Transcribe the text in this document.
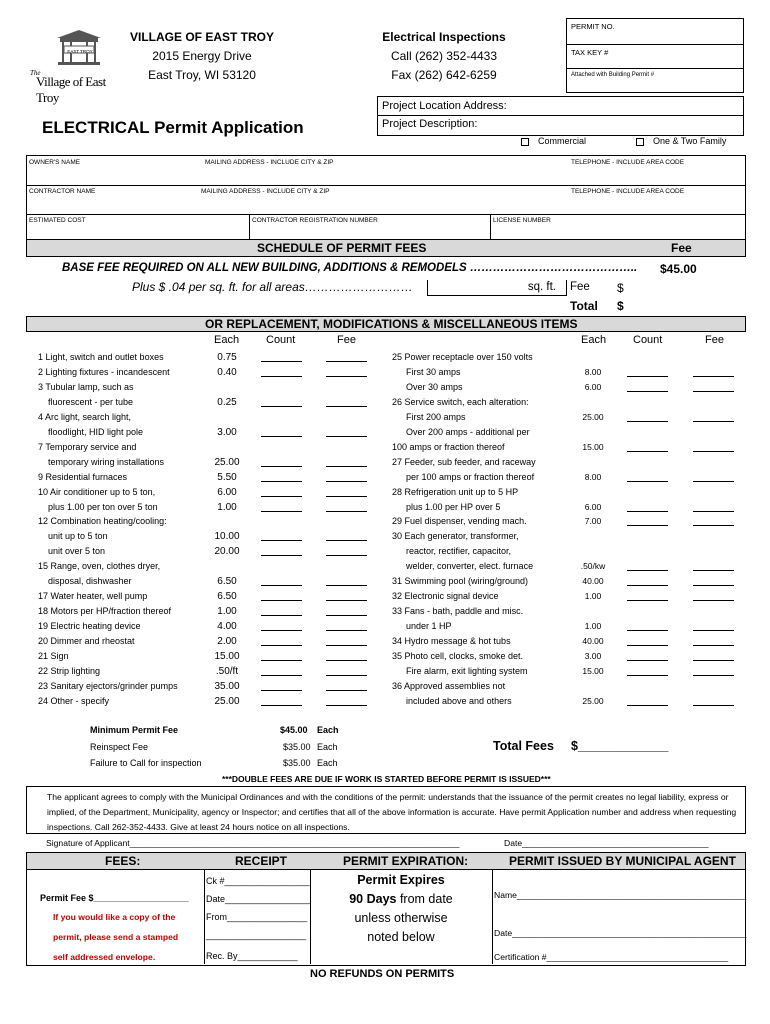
EAST TROY
The
Village of East Troy
VILLAGE OF EAST TROY
2015 Energy Drive
East Troy, WI 53120
Electrical Inspections
Call (262) 352-4433
Fax (262) 642-6259
PERMIT NO.
TAX KEY #
Attached with Building Permit #
ELECTRICAL Permit Application
Project Location Address:
Project Description:
Commercial	One & Two Family
OWNER'S NAME	MAILING ADDRESS - INCLUDE CITY & ZIP	TELEPHONE - INCLUDE AREA CODE
CONTRACTOR NAME	MAILING ADDRESS - INCLUDE CITY & ZIP	TELEPHONE - INCLUDE AREA CODE
ESTIMATED COST	CONTRACTOR REGISTRATION NUMBER	LICENSE NUMBER
SCHEDULE OF PERMIT FEES	Fee
BASE FEE REQUIRED ON ALL NEW BUILDING, ADDITIONS & REMODELS …………………………………….. $45.00
Plus $ .04 per sq. ft. for all areas………………………	sq. ft. Fee $
Total $
OR REPLACEMENT, MODIFICATIONS & MISCELLANEOUS ITEMS
Each Count	Fee	Each Count	Fee
1 Light, switch and outlet boxes	0.75
2 Lighting fixtures - incandescent	0.40
3 Tubular lamp, such as
fluorescent - per tube	0.25
4 Arc light, search light,
floodlight, HID light pole	3.00
7 Temporary service and
temporary wiring installations	25.00
9 Residential furnaces	5.50
10 Air conditioner up to 5 ton,	6.00
plus 1.00 per ton over 5 ton	1.00
12 Combination heating/cooling:
unit up to 5 ton	10.00
unit over 5 ton	20.00
15 Range, oven, clothes dryer,
disposal, dishwasher	6.50
17 Water heater, well pump	6.50
18 Motors per HP/fraction thereof	1.00
19 Electric heating device	4.00
20 Dimmer and rheostat	2.00
21 Sign	15.00
22 Strip lighting	.50/ft
23 Sanitary ejectors/grinder pumps	35.00
24 Other - specify	25.00
25 Power receptacle over 150 volts
First 30 amps	8.00
Over 30 amps	6.00
26 Service switch, each alteration:
First 200 amps	25.00
Over 200 amps - additional per
100 amps or fraction thereof	15.00
27 Feeder, sub feeder, and raceway
per 100 amps or fraction thereof	8.00
28 Refrigeration unit up to 5 HP
plus 1.00 per HP over 5	6.00
29 Fuel dispenser, vending mach.	7.00
30 Each generator, transformer,
reactor, rectifier, capacitor,
welder, converter, elect. furnace	.50/kw
31 Swimming pool (wiring/ground)	40.00
32 Electronic signal device	1.00
33 Fans - bath, paddle and misc.
under 1 HP	1.00
34 Hydro message & hot tubs	40.00
35 Photo cell, clocks, smoke det.	3.00
Fire alarm, exit lighting system	15.00
36 Approved assemblies not
included above and others	25.00
Minimum Permit Fee	$45.00 Each
Reinspect Fee	$35.00 Each
Failure to Call for inspection	$35.00 Each
Total Fees $_____________
***DOUBLE FEES ARE DUE IF WORK IS STARTED BEFORE PERMIT IS ISSUED***
The applicant agrees to comply with the Municipal Ordinances and with the conditions of the permit: understands that the issuance of the permit creates no legal liability, express or implied, of the Department, Municipality, agency or Inspector; and certifies that all of the above information is accurate. Have permit Application number and address when requesting inspections. Call 262-352-4433. Give at least 24 hours notice on all inspections.
Signature of Applicant_____________________________________________________________________	Date_______________________________________
FEES:	RECEIPT	PERMIT EXPIRATION:	PERMIT ISSUED BY MUNICIPAL AGENT
Permit Fee $___________________
If you would like a copy of the
permit, please send a stamped
self addressed envelope.
Ck #_________________
Date_________________
From________________
____________________
Rec. By____________
Permit Expires
90 Days from date
unless otherwise
noted below
Name________________________________________________
Date_________________________________________________
Certification #______________________________________
NO REFUNDS ON PERMITS
